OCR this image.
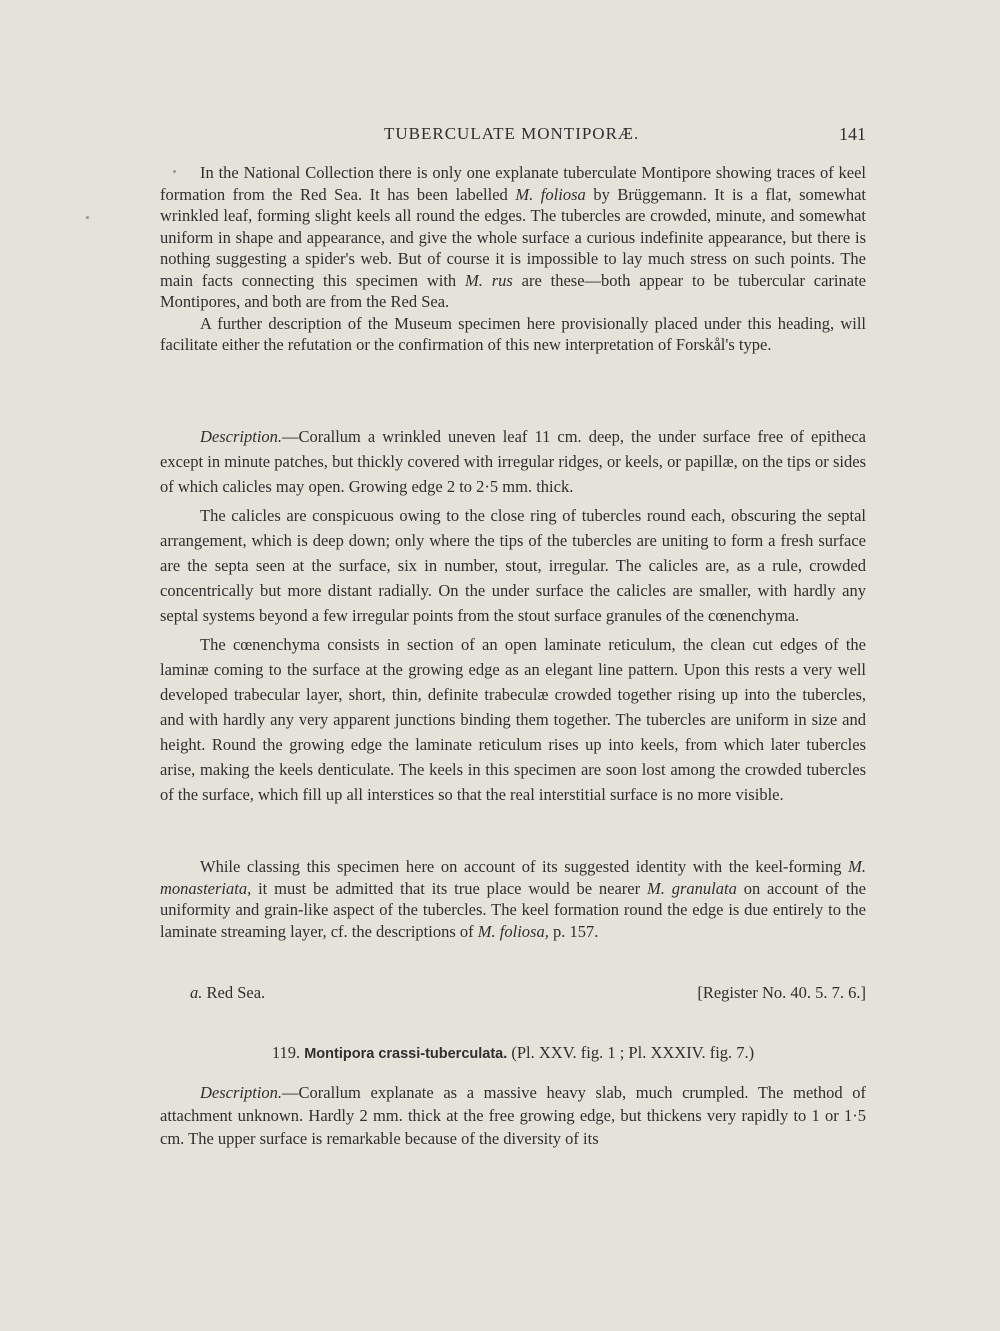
TUBERCULATE MONTIPORÆ.	141

In the National Collection there is only one explanate tuberculate Montipore showing traces of keel formation from the Red Sea. It has been labelled M. foliosa by Brüggemann. It is a flat, somewhat wrinkled leaf, forming slight keels all round the edges. The tubercles are crowded, minute, and somewhat uniform in shape and appearance, and give the whole surface a curious indefinite appearance, but there is nothing suggesting a spider's web. But of course it is impossible to lay much stress on such points. The main facts connecting this specimen with M. rus are these—both appear to be tubercular carinate Montipores, and both are from the Red Sea.

A further description of the Museum specimen here provisionally placed under this heading, will facilitate either the refutation or the confirmation of this new interpretation of Forskål's type.

Description.—Corallum a wrinkled uneven leaf 11 cm. deep, the under surface free of epitheca except in minute patches, but thickly covered with irregular ridges, or keels, or papillæ, on the tips or sides of which calicles may open. Growing edge 2 to 2·5 mm. thick.

The calicles are conspicuous owing to the close ring of tubercles round each, obscuring the septal arrangement, which is deep down; only where the tips of the tubercles are uniting to form a fresh surface are the septa seen at the surface, six in number, stout, irregular. The calicles are, as a rule, crowded concentrically but more distant radially. On the under surface the calicles are smaller, with hardly any septal systems beyond a few irregular points from the stout surface granules of the cœnenchyma.

The cœnenchyma consists in section of an open laminate reticulum, the clean cut edges of the laminæ coming to the surface at the growing edge as an elegant line pattern. Upon this rests a very well developed trabecular layer, short, thin, definite trabeculæ crowded together rising up into the tubercles, and with hardly any very apparent junctions binding them together. The tubercles are uniform in size and height. Round the growing edge the laminate reticulum rises up into keels, from which later tubercles arise, making the keels denticulate. The keels in this specimen are soon lost among the crowded tubercles of the surface, which fill up all interstices so that the real interstitial surface is no more visible.

While classing this specimen here on account of its suggested identity with the keel-forming M. monasteriata, it must be admitted that its true place would be nearer M. granulata on account of the uniformity and grain-like aspect of the tubercles. The keel formation round the edge is due entirely to the laminate streaming layer, cf. the descriptions of M. foliosa, p. 157.

a. Red Sea.	[Register No. 40. 5. 7. 6.]
119. Montipora crassi-tuberculata. (Pl. XXV. fig. 1 ; Pl. XXXIV. fig. 7.)

Description.—Corallum explanate as a massive heavy slab, much crumpled. The method of attachment unknown. Hardly 2 mm. thick at the free growing edge, but thickens very rapidly to 1 or 1·5 cm. The upper surface is remarkable because of the diversity of its
